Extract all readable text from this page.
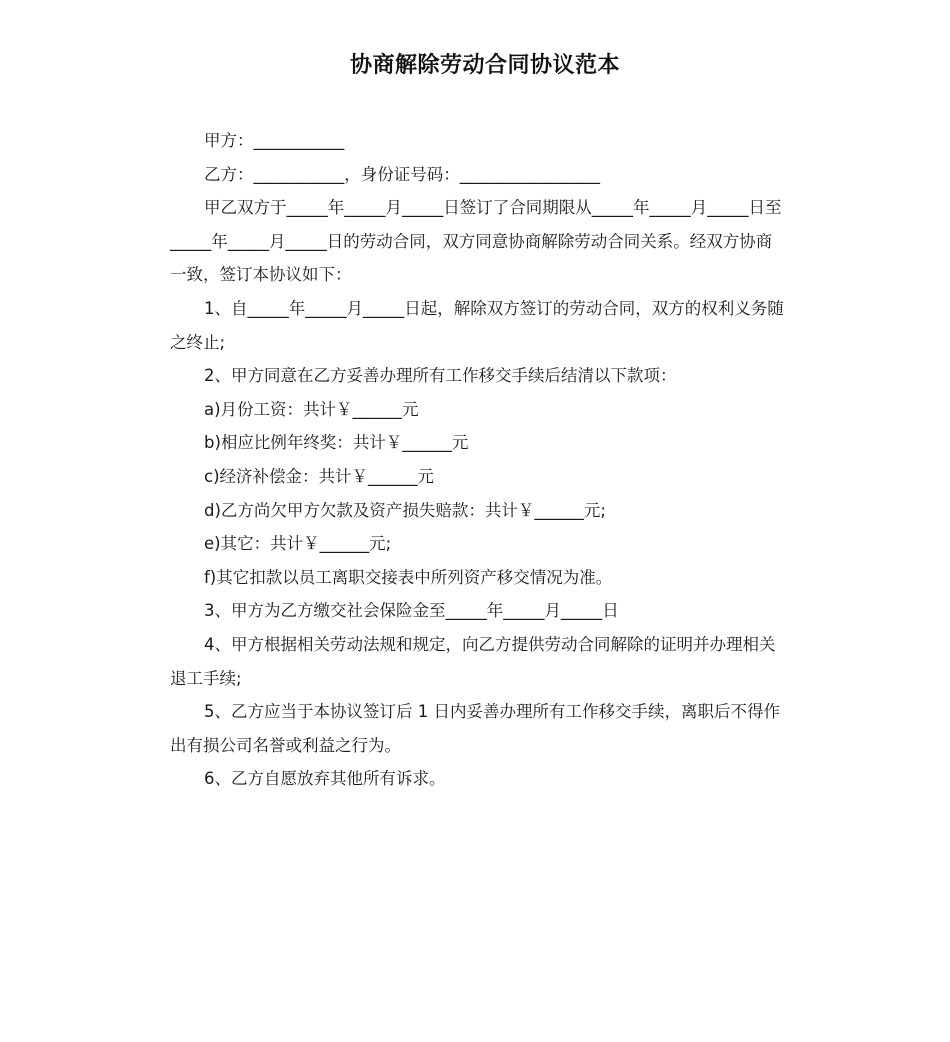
协商解除劳动合同协议范本

甲方：___________

乙方：___________，身份证号码：_________________

甲乙双方于_____年_____月_____日签订了合同期限从_____年_____月_____日至_____年_____月_____日的劳动合同，双方同意协商解除劳动合同关系。经双方协商一致，签订本协议如下：

1、自_____年_____月_____日起，解除双方签订的劳动合同，双方的权利义务随之终止;

2、甲方同意在乙方妥善办理所有工作移交手续后结清以下款项：

a)月份工资：共计￥______元

b)相应比例年终奖：共计￥______元

c)经济补偿金：共计￥______元

d)乙方尚欠甲方欠款及资产损失赔款：共计￥______元;

e)其它：共计￥______元;

f)其它扣款以员工离职交接表中所列资产移交情况为准。

3、甲方为乙方缴交社会保险金至_____年_____月_____日

4、甲方根据相关劳动法规和规定，向乙方提供劳动合同解除的证明并办理相关退工手续;

5、乙方应当于本协议签订后 1 日内妥善办理所有工作移交手续，离职后不得作出有损公司名誉或利益之行为。

6、乙方自愿放弃其他所有诉求。
